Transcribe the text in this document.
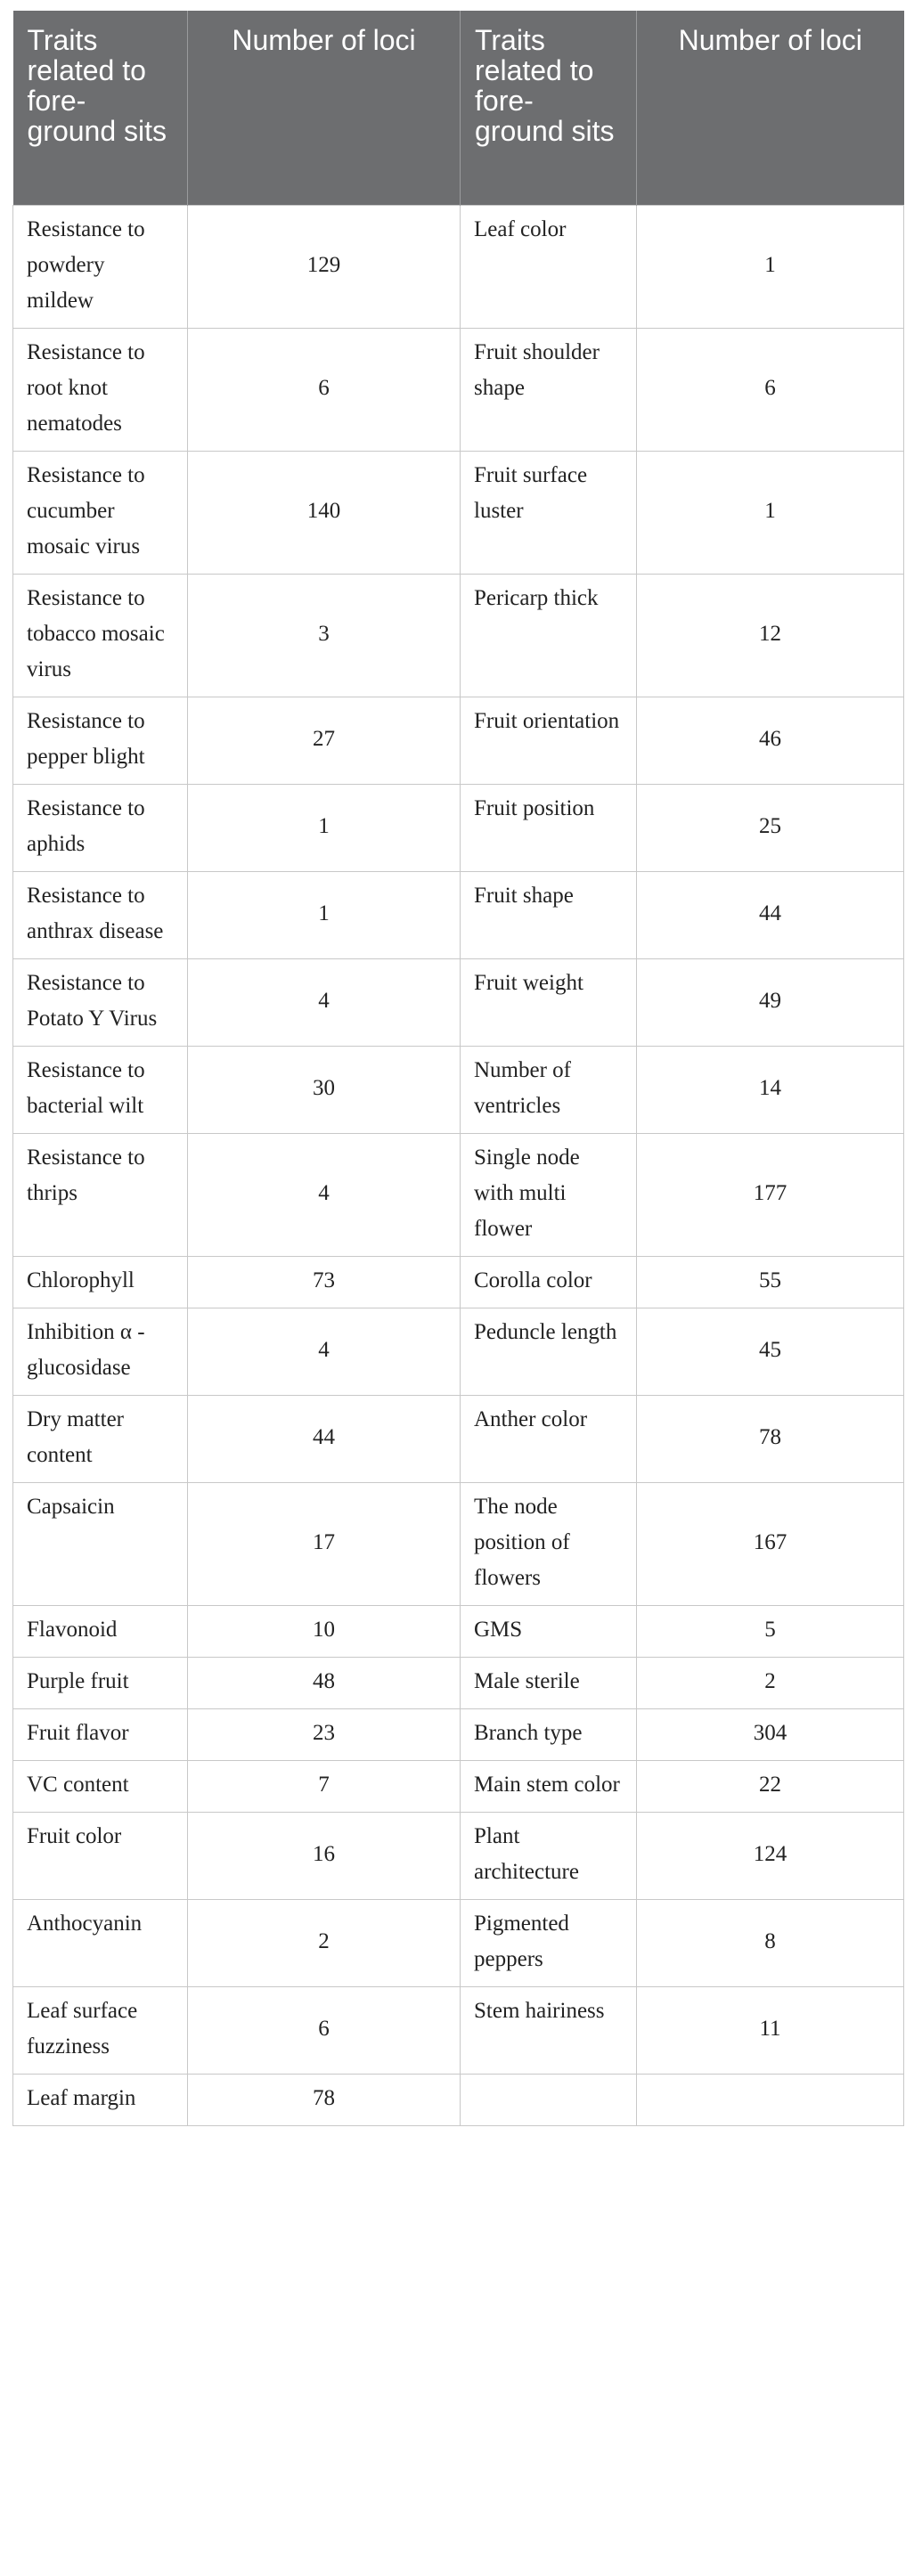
Traits related to fore-ground sits	Number of loci	Traits related to fore-ground sits	Number of loci
Resistance to powdery mildew	129	Leaf color	1
Resistance to root knot nematodes	6	Fruit shoulder shape	6
Resistance to cucumber mosaic virus	140	Fruit surface luster	1
Resistance to tobacco mosaic virus	3	Pericarp thick	12
Resistance to pepper blight	27	Fruit orientation	46
Resistance to aphids	1	Fruit position	25
Resistance to anthrax disease	1	Fruit shape	44
Resistance to Potato Y Virus	4	Fruit weight	49
Resistance to bacterial wilt	30	Number of ventricles	14
Resistance to thrips	4	Single node with multi flower	177
Chlorophyll	73	Corolla color	55
Inhibition α - glucosidase	4	Peduncle length	45
Dry matter content	44	Anther color	78
Capsaicin	17	The node position of flowers	167
Flavonoid	10	GMS	5
Purple fruit	48	Male sterile	2
Fruit flavor	23	Branch type	304
VC content	7	Main stem color	22
Fruit color	16	Plant architecture	124
Anthocyanin	2	Pigmented peppers	8
Leaf surface fuzziness	6	Stem hairiness	11
Leaf margin	78		
